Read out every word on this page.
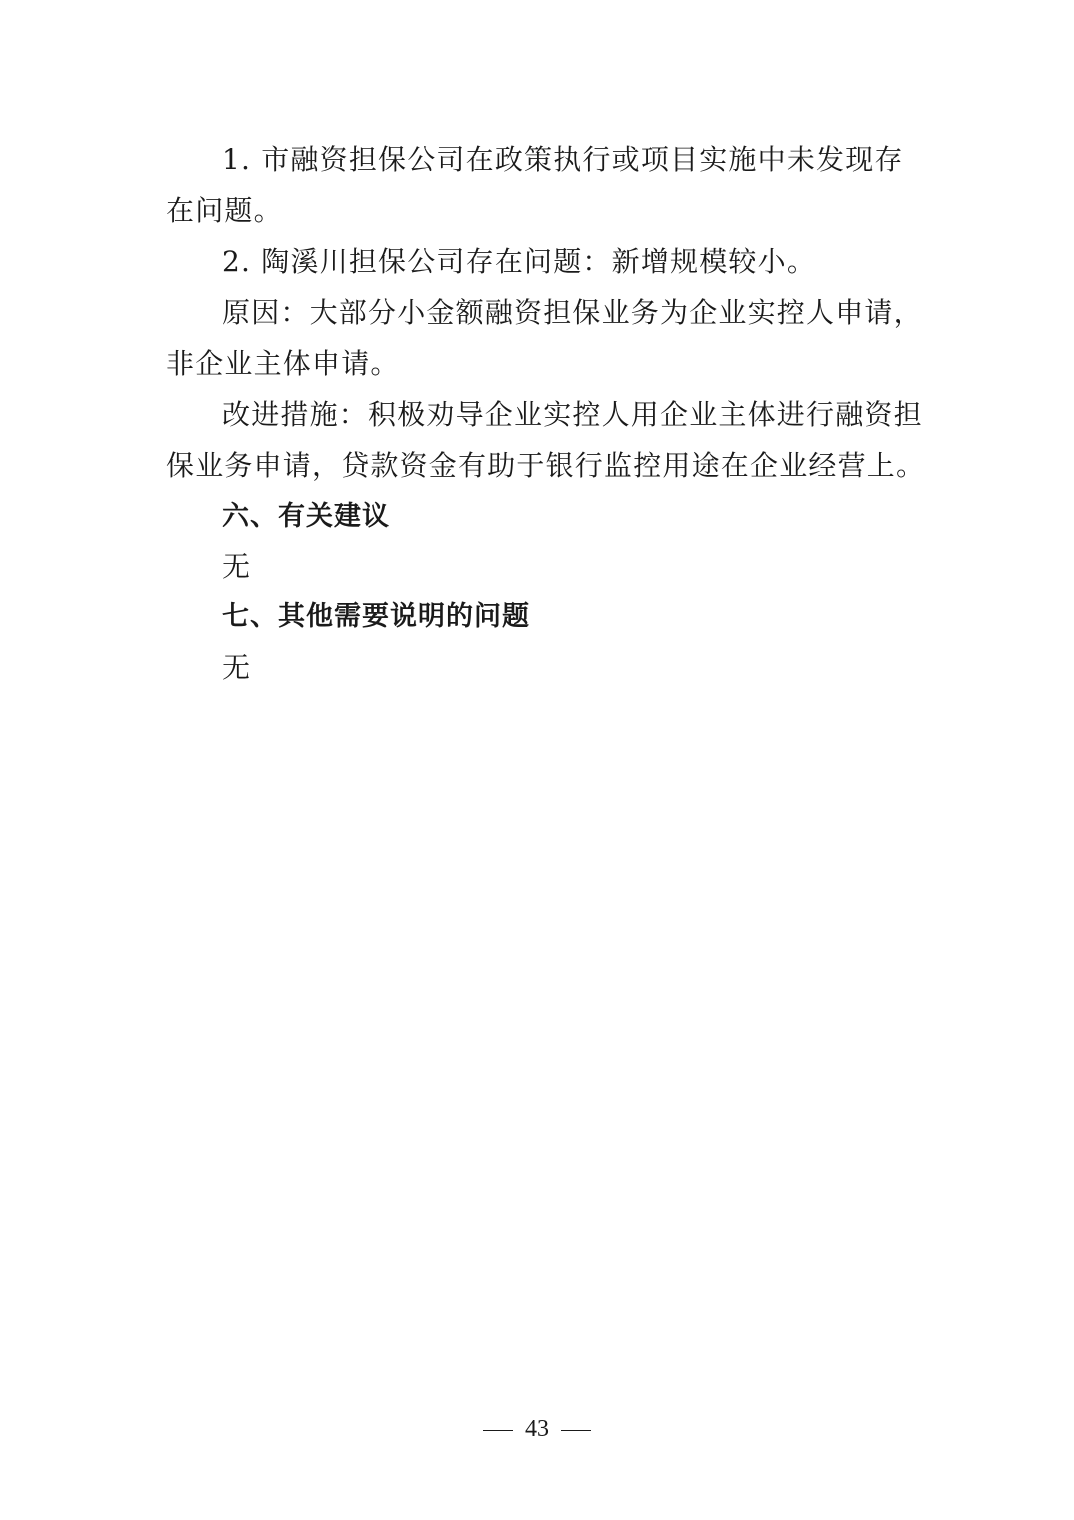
1. 市融资担保公司在政策执行或项目实施中未发现存
在问题。
2. 陶溪川担保公司存在问题：新增规模较小。
原因：大部分小金额融资担保业务为企业实控人申请，
非企业主体申请。
改进措施：积极劝导企业实控人用企业主体进行融资担
保业务申请，贷款资金有助于银行监控用途在企业经营上。
六、有关建议
无
七、其他需要说明的问题
无
43
